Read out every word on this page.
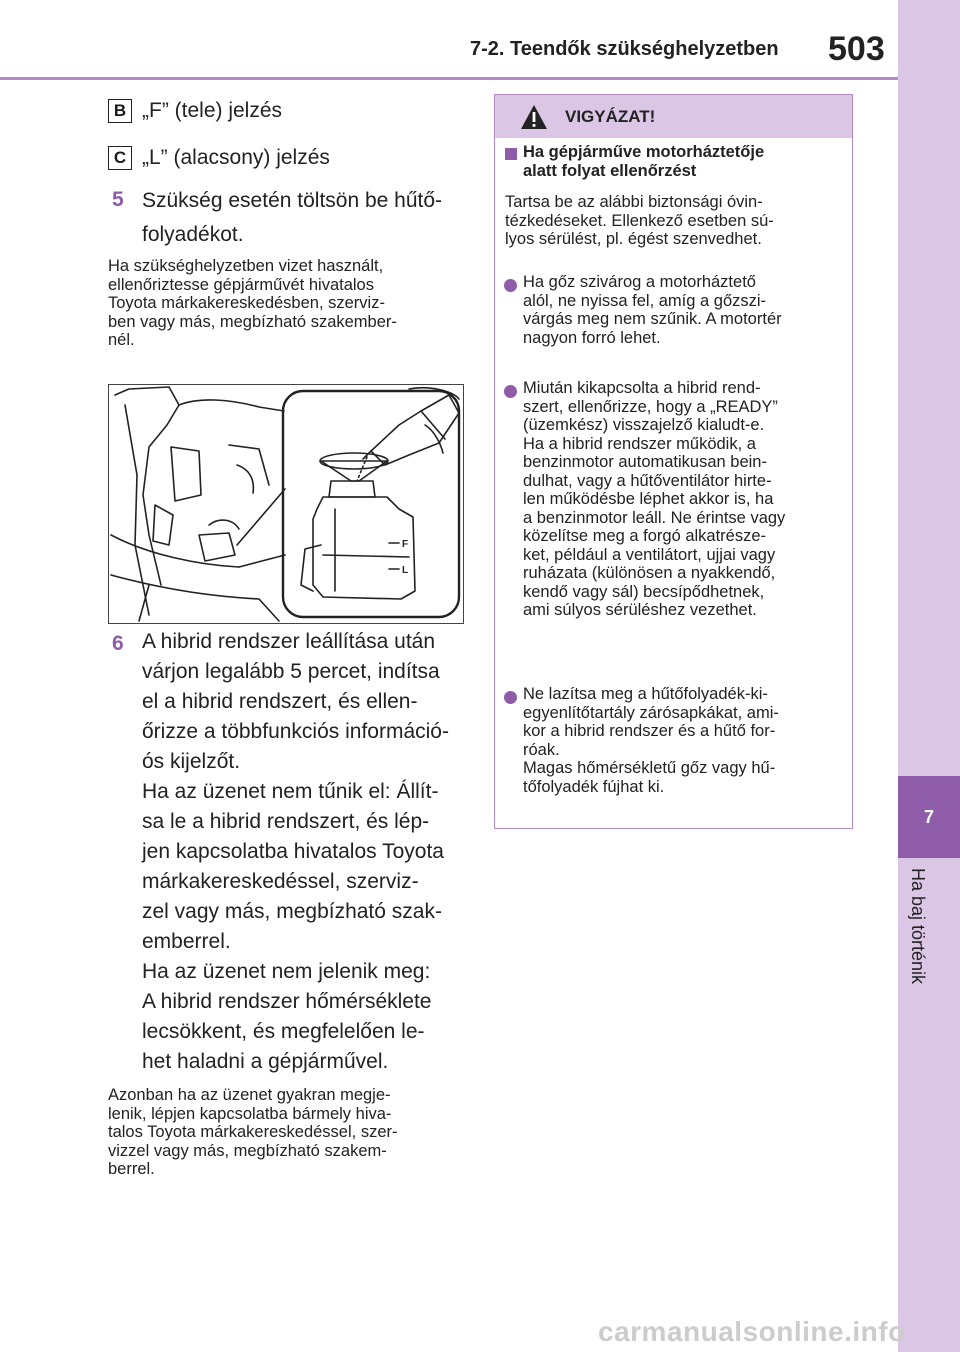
7-2. Teendők szükséghelyzetben 503
7
Ha baj történik
B „F” (tele) jelzés
C „L” (alacsony) jelzés
5 Szükség esetén töltsön be hűtő-
folyadékot.
Ha szükséghelyzetben vizet használt,
ellenőriztesse gépjárművét hivatalos
Toyota márkakereskedésben, szerviz-
ben vagy más, megbízható szakember-
nél.
F
L
6 A hibrid rendszer leállítása után
várjon legalább 5 percet, indítsa
el a hibrid rendszert, és ellen-
őrizze a többfunkciós információ-
ós kijelzőt.
Ha az üzenet nem tűnik el: Állít-
sa le a hibrid rendszert, és lép-
jen kapcsolatba hivatalos Toyota
márkakereskedéssel, szerviz-
zel vagy más, megbízható szak-
emberrel.
Ha az üzenet nem jelenik meg:
A hibrid rendszer hőmérséklete
lecsökkent, és megfelelően le-
het haladni a gépjárművel.
Azonban ha az üzenet gyakran megje-
lenik, lépjen kapcsolatba bármely hiva-
talos Toyota márkakereskedéssel, szer-
vizzel vagy más, megbízható szakem-
berrel.
VIGYÁZAT!
Ha gépjárműve motorháztetője
alatt folyat ellenőrzést
Tartsa be az alábbi biztonsági óvin-
tézkedéseket. Ellenkező esetben sú-
lyos sérülést, pl. égést szenvedhet.
Ha gőz szivárog a motorháztető
alól, ne nyissa fel, amíg a gőzszi-
várgás meg nem szűnik. A motortér
nagyon forró lehet.
Miután kikapcsolta a hibrid rend-
szert, ellenőrizze, hogy a „READY”
(üzemkész) visszajelző kialudt-e.
Ha a hibrid rendszer működik, a
benzinmotor automatikusan bein-
dulhat, vagy a hűtőventilátor hirte-
len működésbe léphet akkor is, ha
a benzinmotor leáll. Ne érintse vagy
közelítse meg a forgó alkatrésze-
ket, például a ventilátort, ujjai vagy
ruházata (különösen a nyakkendő,
kendő vagy sál) becsípődhetnek,
ami súlyos sérüléshez vezethet.
Ne lazítsa meg a hűtőfolyadék-ki-
egyenlítőtartály zárósapkákat, ami-
kor a hibrid rendszer és a hűtő for-
róak.
Magas hőmérsékletű gőz vagy hű-
tőfolyadék fújhat ki.
carmanualsonline.info
